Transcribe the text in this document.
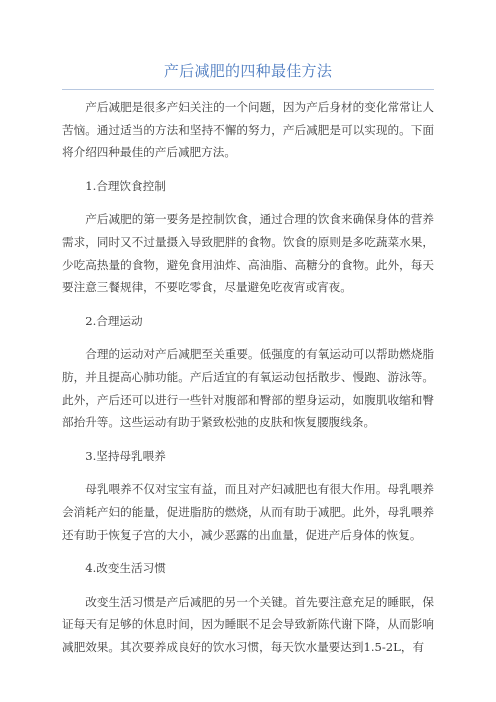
产后减肥的四种最佳方法

产后减肥是很多产妇关注的一个问题，因为产后身材的变化常常让人苦恼。通过适当的方法和坚持不懈的努力，产后减肥是可以实现的。下面将介绍四种最佳的产后减肥方法。

1.合理饮食控制

产后减肥的第一要务是控制饮食，通过合理的饮食来确保身体的营养需求，同时又不过量摄入导致肥胖的食物。饮食的原则是多吃蔬菜水果，少吃高热量的食物，避免食用油炸、高油脂、高糖分的食物。此外，每天要注意三餐规律，不要吃零食，尽量避免吃夜宵或宵夜。

2.合理运动

合理的运动对产后减肥至关重要。低强度的有氧运动可以帮助燃烧脂肪，并且提高心肺功能。产后适宜的有氧运动包括散步、慢跑、游泳等。此外，产后还可以进行一些针对腹部和臀部的塑身运动，如腹肌收缩和臀部抬升等。这些运动有助于紧致松弛的皮肤和恢复腰腹线条。

3.坚持母乳喂养

母乳喂养不仅对宝宝有益，而且对产妇减肥也有很大作用。母乳喂养会消耗产妇的能量，促进脂肪的燃烧，从而有助于减肥。此外，母乳喂养还有助于恢复子宫的大小，减少恶露的出血量，促进产后身体的恢复。

4.改变生活习惯

改变生活习惯是产后减肥的另一个关键。首先要注意充足的睡眠，保证每天有足够的休息时间，因为睡眠不足会导致新陈代谢下降，从而影响减肥效果。其次要养成良好的饮水习惯，每天饮水量要达到1.5-2L，有
